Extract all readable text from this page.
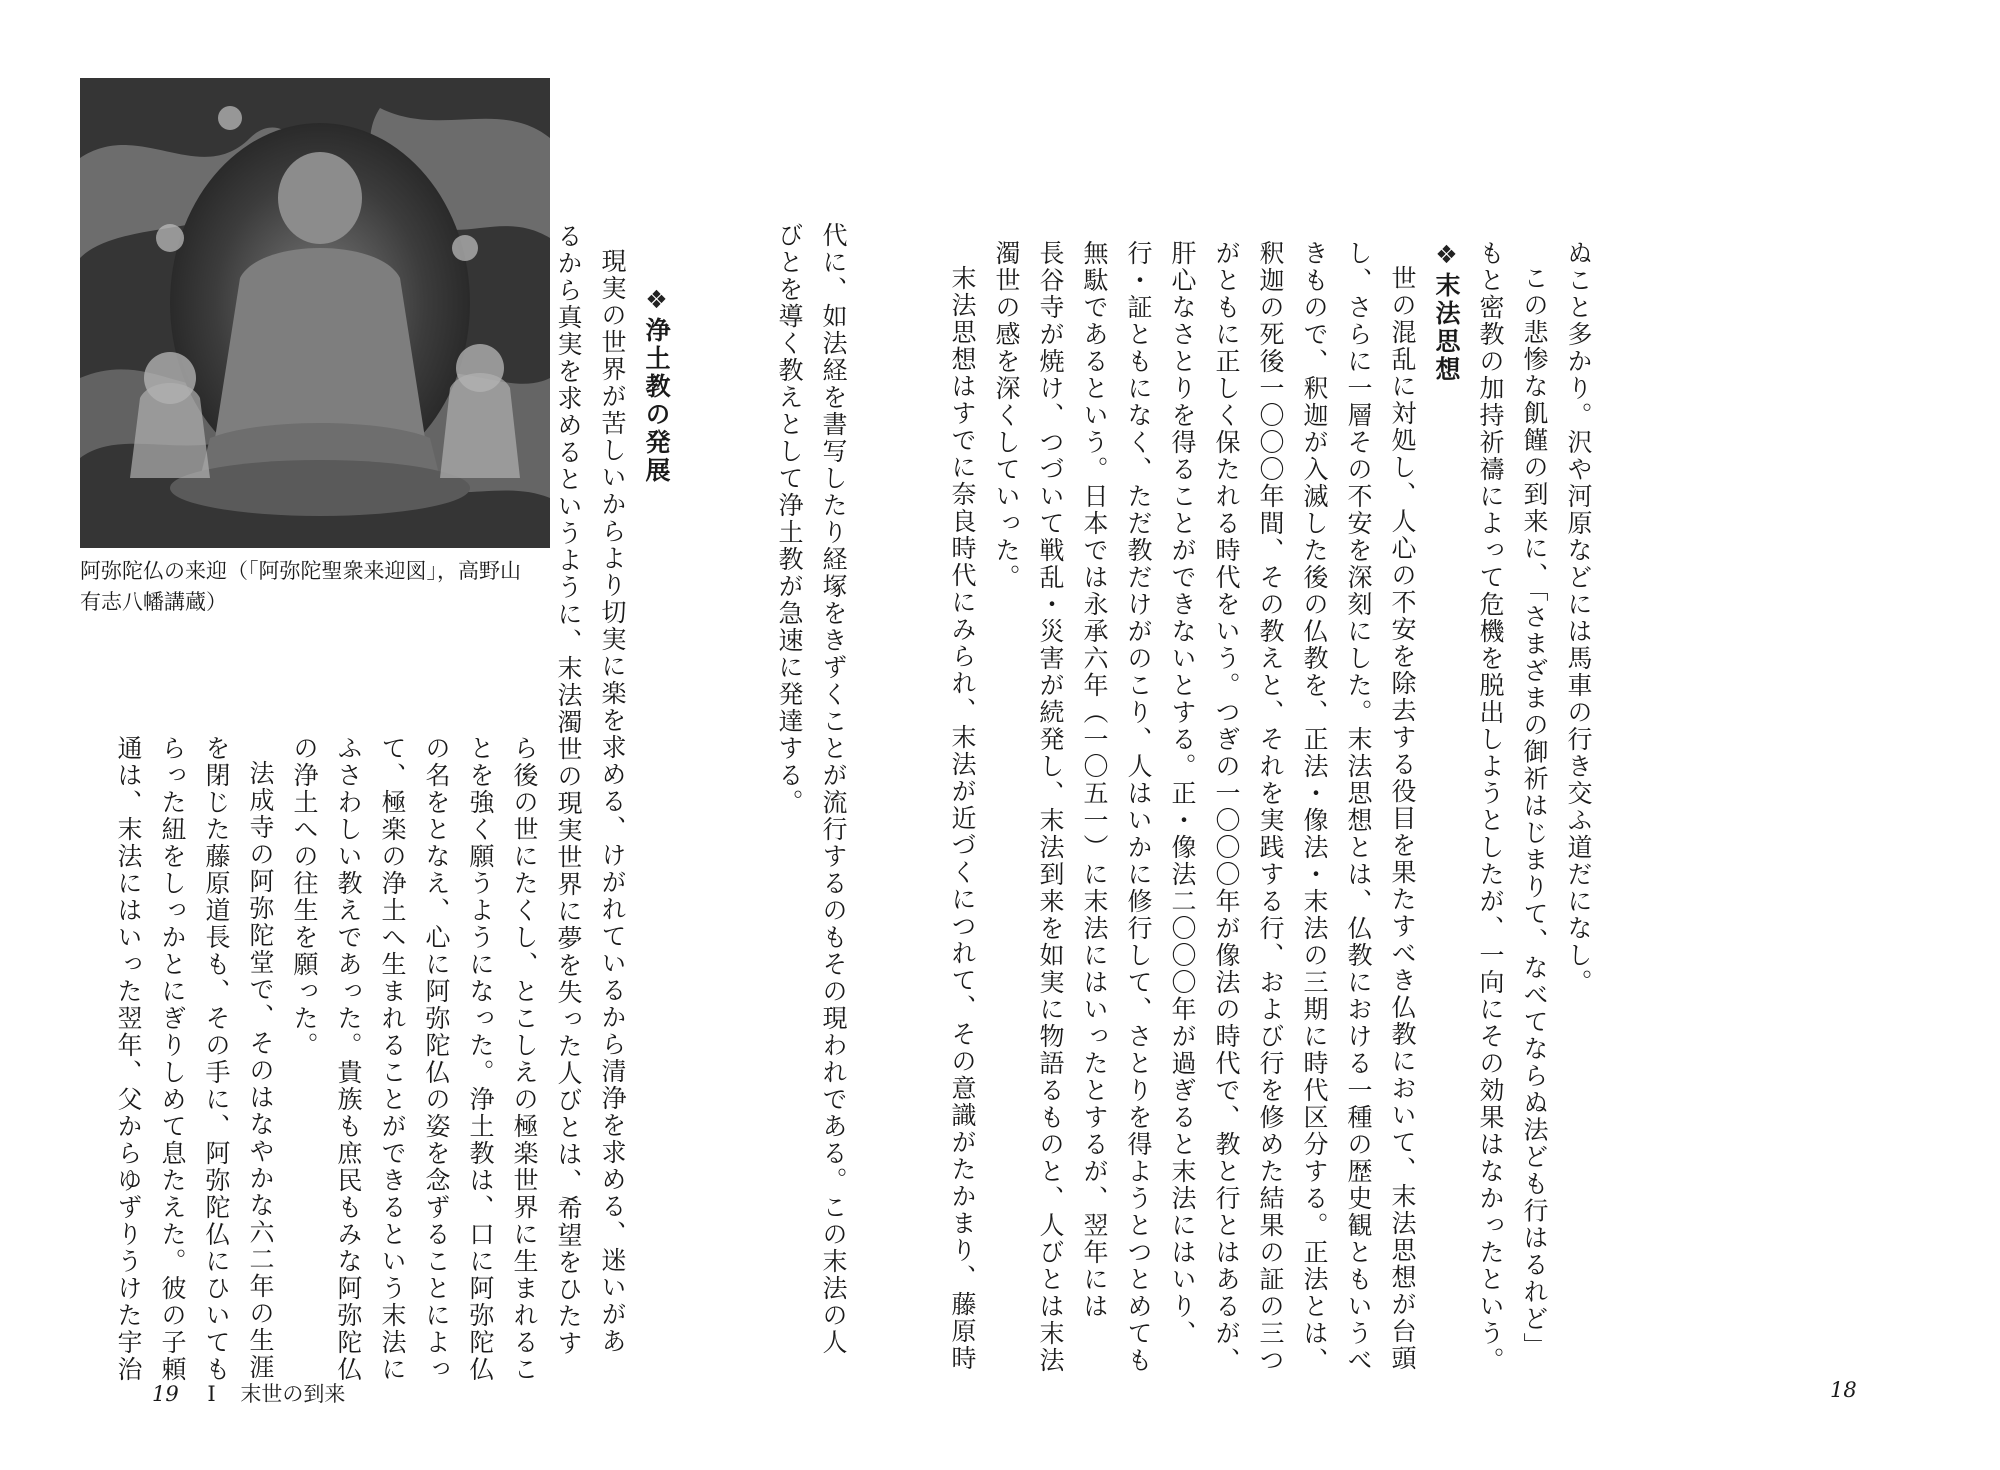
ぬこと多かり。沢や河原などには馬車の行き交ふ道だになし。

この悲惨な飢饉の到来に、「さまざまの御祈はじまりて、なべてならぬ法ども行はるれど」

もと密教の加持祈禱によって危機を脱出しようとしたが、一向にその効果はなかったという。

❖末法思想

世の混乱に対処し、人心の不安を除去する役目を果たすべき仏教において、末法思想が台頭

し、さらに一層その不安を深刻にした。末法思想とは、仏教における一種の歴史観ともいうべ

きもので、釈迦が入滅した後の仏教を、正法・像法・末法の三期に時代区分する。正法とは、

釈迦の死後一〇〇〇年間、その教えと、それを実践する行、および行を修めた結果の証の三つ

がともに正しく保たれる時代をいう。つぎの一〇〇〇年が像法の時代で、教と行とはあるが、

肝心なさとりを得ることができないとする。正・像法二〇〇〇年が過ぎると末法にはいり、

行・証ともになく、ただ教だけがのこり、人はいかに修行して、さとりを得ようとつとめても

無駄であるという。日本では永承六年（一〇五一）に末法にはいったとするが、翌年には

長谷寺が焼け、つづいて戦乱・災害が続発し、末法到来を如実に物語るものと、人びとは末法

濁世の感を深くしていった。

末法思想はすでに奈良時代にみられ、末法が近づくにつれて、その意識がたかまり、藤原時

18
阿弥陀仏の来迎（「阿弥陀聖衆来迎図」，高野山
有志八幡講蔵）	代に、如法経を書写したり経塚をきずくことが流行するのもその現われである。この末法の人

びとを導く教えとして浄土教が急速に発達する。

❖浄土教の発展

現実の世界が苦しいからより切実に楽を求める、けがれているから清浄を求める、迷いがあ

るから真実を求めるというように、末法濁世の現実世界に夢を失った人びとは、希望をひたす

ら後の世にたくし、とこしえの極楽世界に生まれるこ

とを強く願うようになった。浄土教は、口に阿弥陀仏

の名をとなえ、心に阿弥陀仏の姿を念ずることによっ

て、極楽の浄土へ生まれることができるという末法に

ふさわしい教えであった。貴族も庶民もみな阿弥陀仏

の浄土への往生を願った。

法成寺の阿弥陀堂で、そのはなやかな六二年の生涯

を閉じた藤原道長も、その手に、阿弥陀仏にひいても

らった紐をしっかとにぎりしめて息たえた。彼の子頼

通は、末法にはいった翌年、父からゆずりうけた宇治

19 Ⅰ 末世の到来
